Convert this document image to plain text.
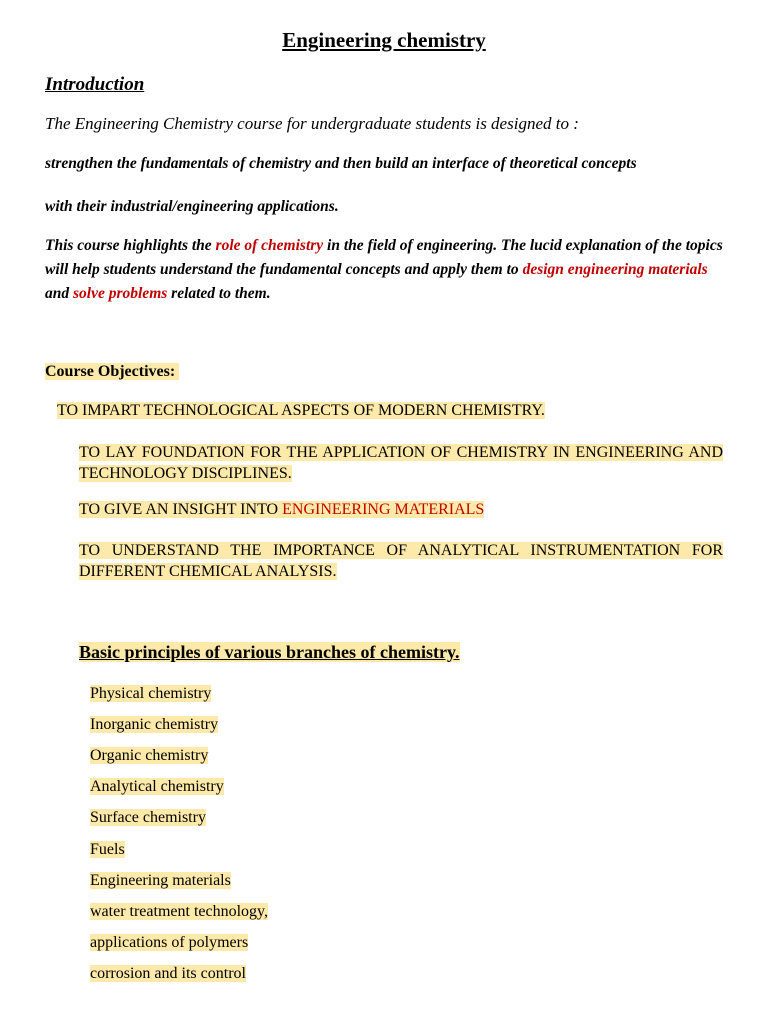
Engineering chemistry
Introduction
The Engineering Chemistry course for undergraduate students is designed to :
strengthen the fundamentals of chemistry and then build an interface of theoretical concepts
with their industrial/engineering applications.
This course highlights the role of chemistry in the field of engineering. The lucid explanation of the topics will help students understand the fundamental concepts and apply them to design engineering materials and solve problems related to them.
Course Objectives:
TO IMPART TECHNOLOGICAL ASPECTS OF MODERN CHEMISTRY.
TO LAY FOUNDATION FOR THE APPLICATION OF CHEMISTRY IN ENGINEERING AND TECHNOLOGY DISCIPLINES.
TO GIVE AN INSIGHT INTO ENGINEERING MATERIALS
TO UNDERSTAND THE IMPORTANCE OF ANALYTICAL INSTRUMENTATION FOR DIFFERENT CHEMICAL ANALYSIS.
Basic principles of various branches of chemistry.
Physical chemistry
Inorganic chemistry
Organic chemistry
Analytical chemistry
Surface chemistry
Fuels
Engineering materials
water treatment technology,
applications of polymers
corrosion and its control
